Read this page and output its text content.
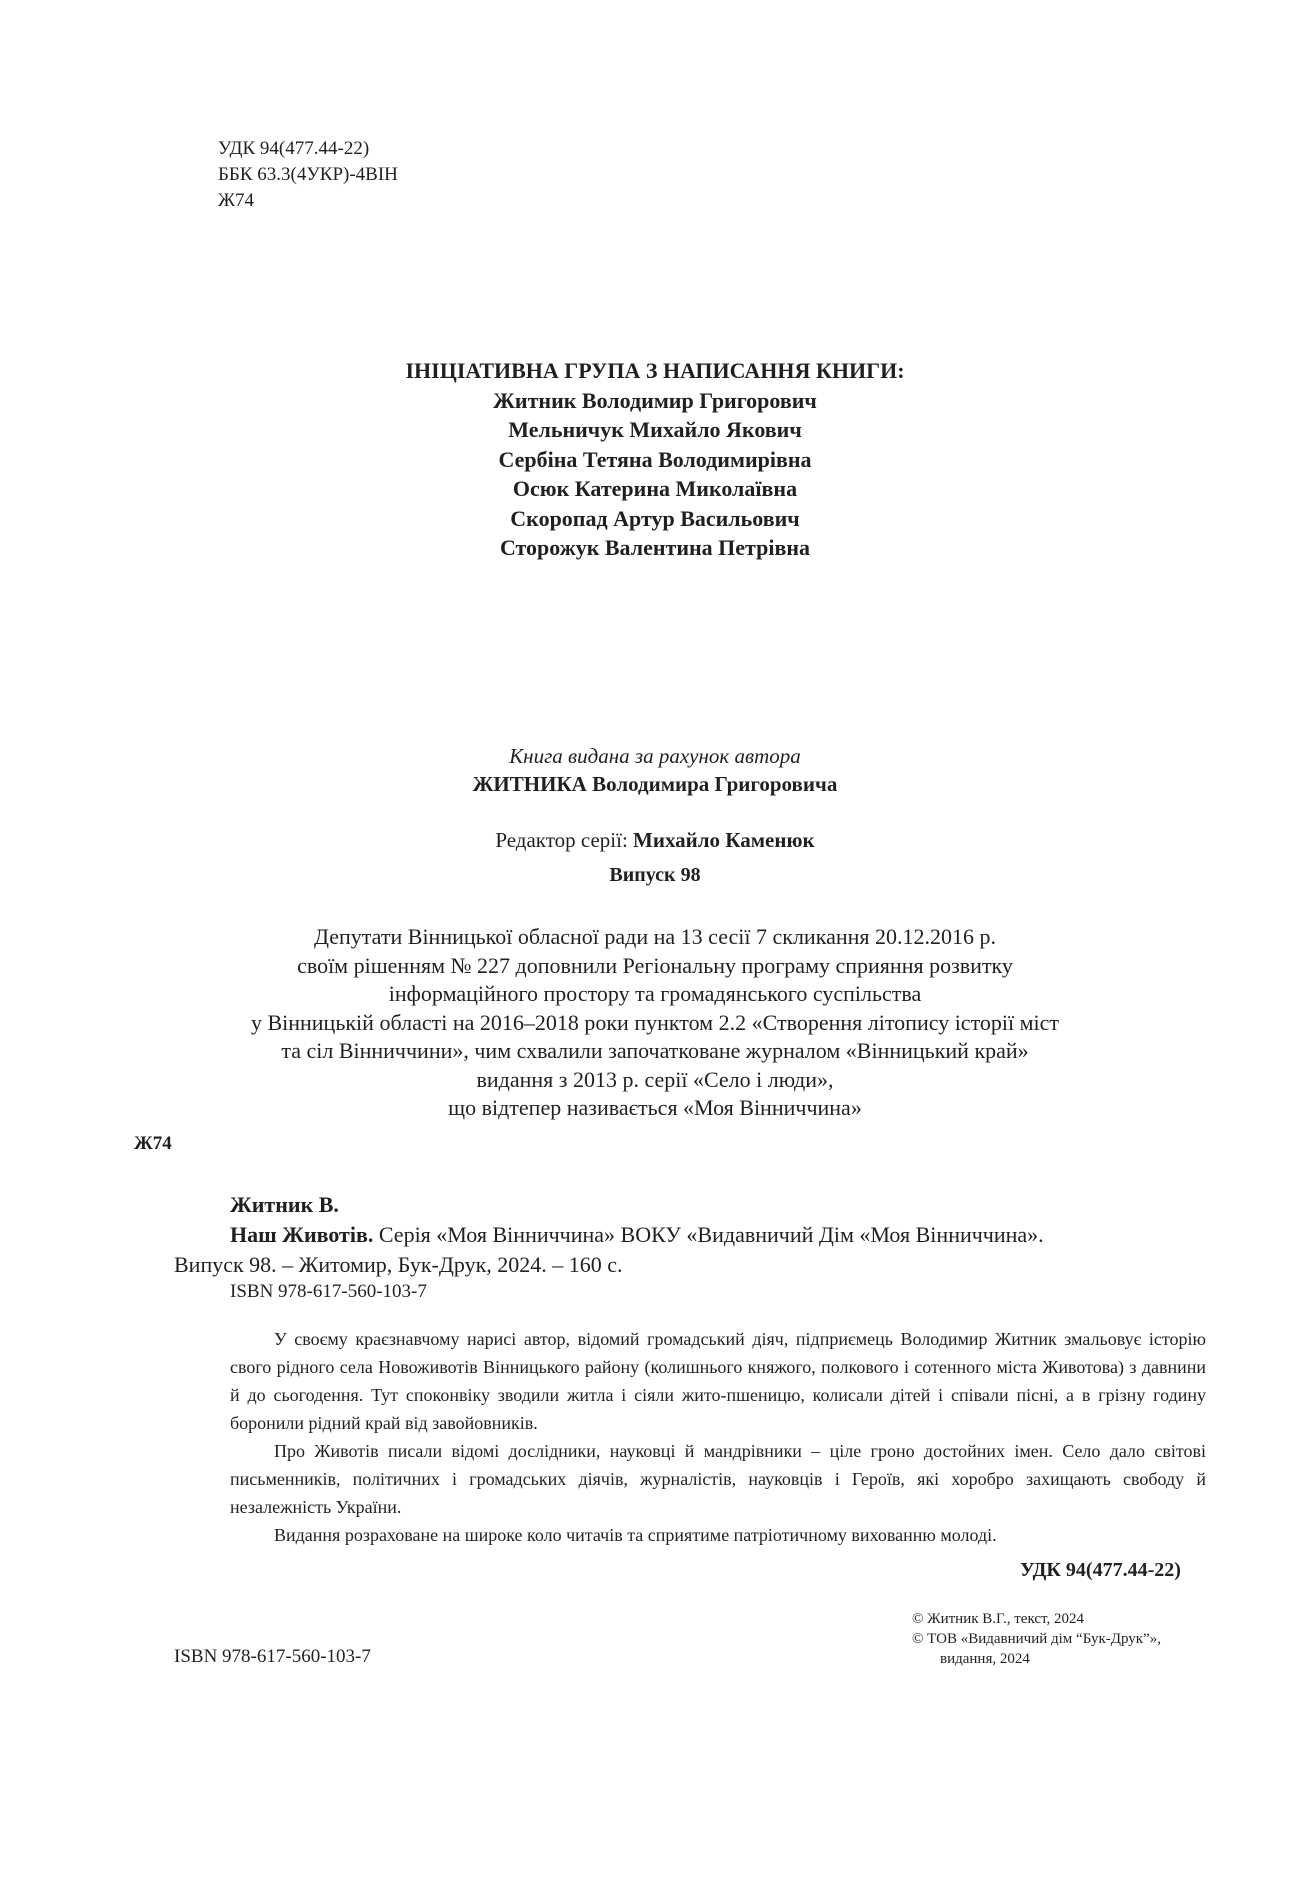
УДК 94(477.44-22)
ББК 63.3(4УКР)-4ВІН
Ж74
ІНІЦІАТИВНА ГРУПА З НАПИСАННЯ КНИГИ:
Житник Володимир Григорович
Мельничук Михайло Якович
Сербіна Тетяна Володимирівна
Осюк Катерина Миколаївна
Скоропад Артур Васильович
Сторожук Валентина Петрівна
Книга видана за рахунок автора
ЖИТНИКА Володимира Григоровича
Редактор серії: Михайло Каменюк
Випуск 98
Депутати Вінницької обласної ради на 13 сесії 7 скликання 20.12.2016 р.
своїм рішенням № 227 доповнили Регіональну програму сприяння розвитку
інформаційного простору та громадянського суспільства
у Вінницькій області на 2016–2018 роки пунктом 2.2 «Створення літопису історії міст
та сіл Вінниччини», чим схвалили започатковане журналом «Вінницький край»
видання з 2013 р. серії «Село і люди»,
що відтепер називається «Моя Вінниччина»
Ж74
Житник В.
Наш Животів. Серія «Моя Вінниччина» ВОКУ «Видавничий Дім «Моя Вінниччина».
Випуск 98. – Житомир, Бук-Друк, 2024. – 160 с.
ISBN 978-617-560-103-7

У своєму краєзнавчому нарисі автор, відомий громадський діяч, підприємець Володимир Житник змальовує історію свого рідного села Новоживотів Вінницького району (колишнього княжого, полкового і сотенного міста Животова) з давнини й до сьогодення. Тут споконвіку зводили житла і сіяли жито-пшеницю, колисали дітей і співали пісні, а в грізну годину боронили рідний край від завойовників.

Про Животів писали відомі дослідники, науковці й мандрівники – ціле гроно достойних імен. Село дало світові письменників, політичних і громадських діячів, журналістів, науковців і Героїв, які хоробро захищають свободу й незалежність України.

Видання розраховане на широке коло читачів та сприятиме патріотичному вихованню молоді.

УДК 94(477.44-22)
© Житник В.Г., текст, 2024
© ТОВ «Видавничий дім “Бук-Друк”»,
видання, 2024
ISBN 978-617-560-103-7
